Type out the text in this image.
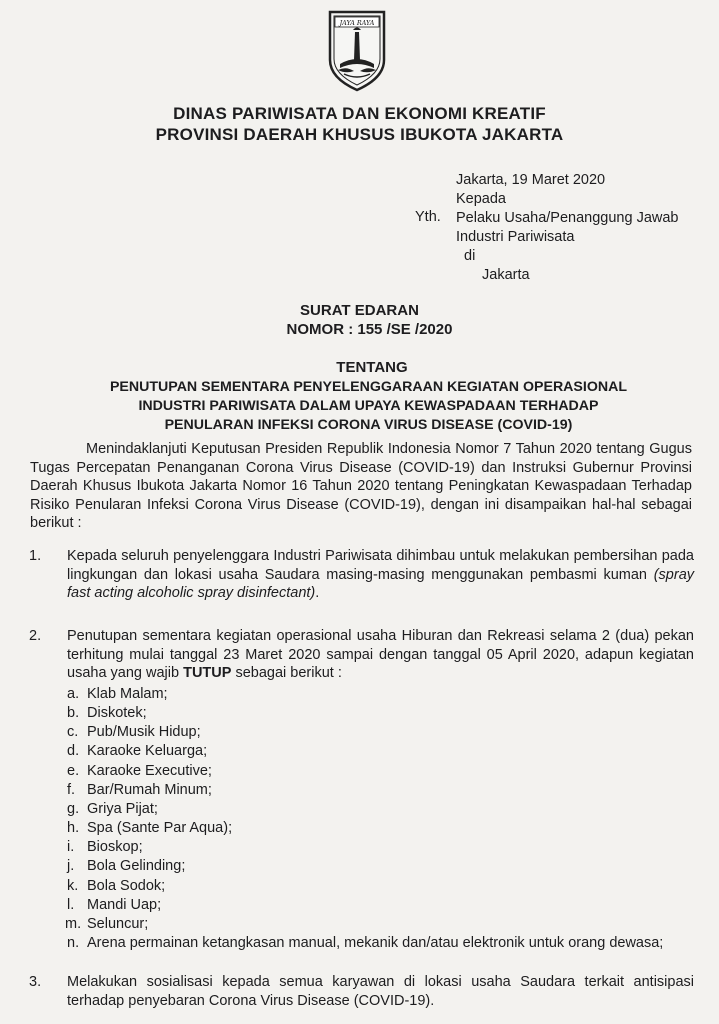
JAYA RAYA
DINAS PARIWISATA DAN EKONOMI KREATIF
PROVINSI DAERAH KHUSUS IBUKOTA JAKARTA
Jakarta, 19 Maret 2020
Kepada
Pelaku Usaha/Penanggung Jawab
Industri Pariwisata
di
Jakarta
Yth.
SURAT EDARAN
NOMOR : 155 /SE /2020
TENTANG
PENUTUPAN SEMENTARA PENYELENGGARAAN KEGIATAN OPERASIONAL
INDUSTRI PARIWISATA DALAM UPAYA KEWASPADAAN TERHADAP
PENULARAN INFEKSI CORONA VIRUS DISEASE (COVID-19)
Menindaklanjuti Keputusan Presiden Republik Indonesia Nomor 7 Tahun 2020 tentang Gugus Tugas Percepatan Penanganan Corona Virus Disease (COVID-19) dan Instruksi Gubernur Provinsi Daerah Khusus Ibukota Jakarta Nomor 16 Tahun 2020 tentang Peningkatan Kewaspadaan Terhadap Risiko Penularan Infeksi Corona Virus Disease (COVID-19), dengan ini disampaikan hal-hal sebagai berikut :
1.	Kepada seluruh penyelenggara Industri Pariwisata dihimbau untuk melakukan pembersihan pada lingkungan dan lokasi usaha Saudara masing-masing menggunakan pembasmi kuman (spray fast acting alcoholic spray disinfectant).
2.	Penutupan sementara kegiatan operasional usaha Hiburan dan Rekreasi selama 2 (dua) pekan terhitung mulai tanggal 23 Maret 2020 sampai dengan tanggal 05 April 2020, adapun kegiatan usaha yang wajib TUTUP sebagai berikut :
a. Klab Malam;
b. Diskotek;
c. Pub/Musik Hidup;
d. Karaoke Keluarga;
e. Karaoke Executive;
f. Bar/Rumah Minum;
g. Griya Pijat;
h. Spa (Sante Par Aqua);
i. Bioskop;
j. Bola Gelinding;
k. Bola Sodok;
l. Mandi Uap;
m. Seluncur;
n. Arena permainan ketangkasan manual, mekanik dan/atau elektronik untuk orang dewasa;
3.	Melakukan sosialisasi kepada semua karyawan di lokasi usaha Saudara terkait antisipasi terhadap penyebaran Corona Virus Disease (COVID-19).
